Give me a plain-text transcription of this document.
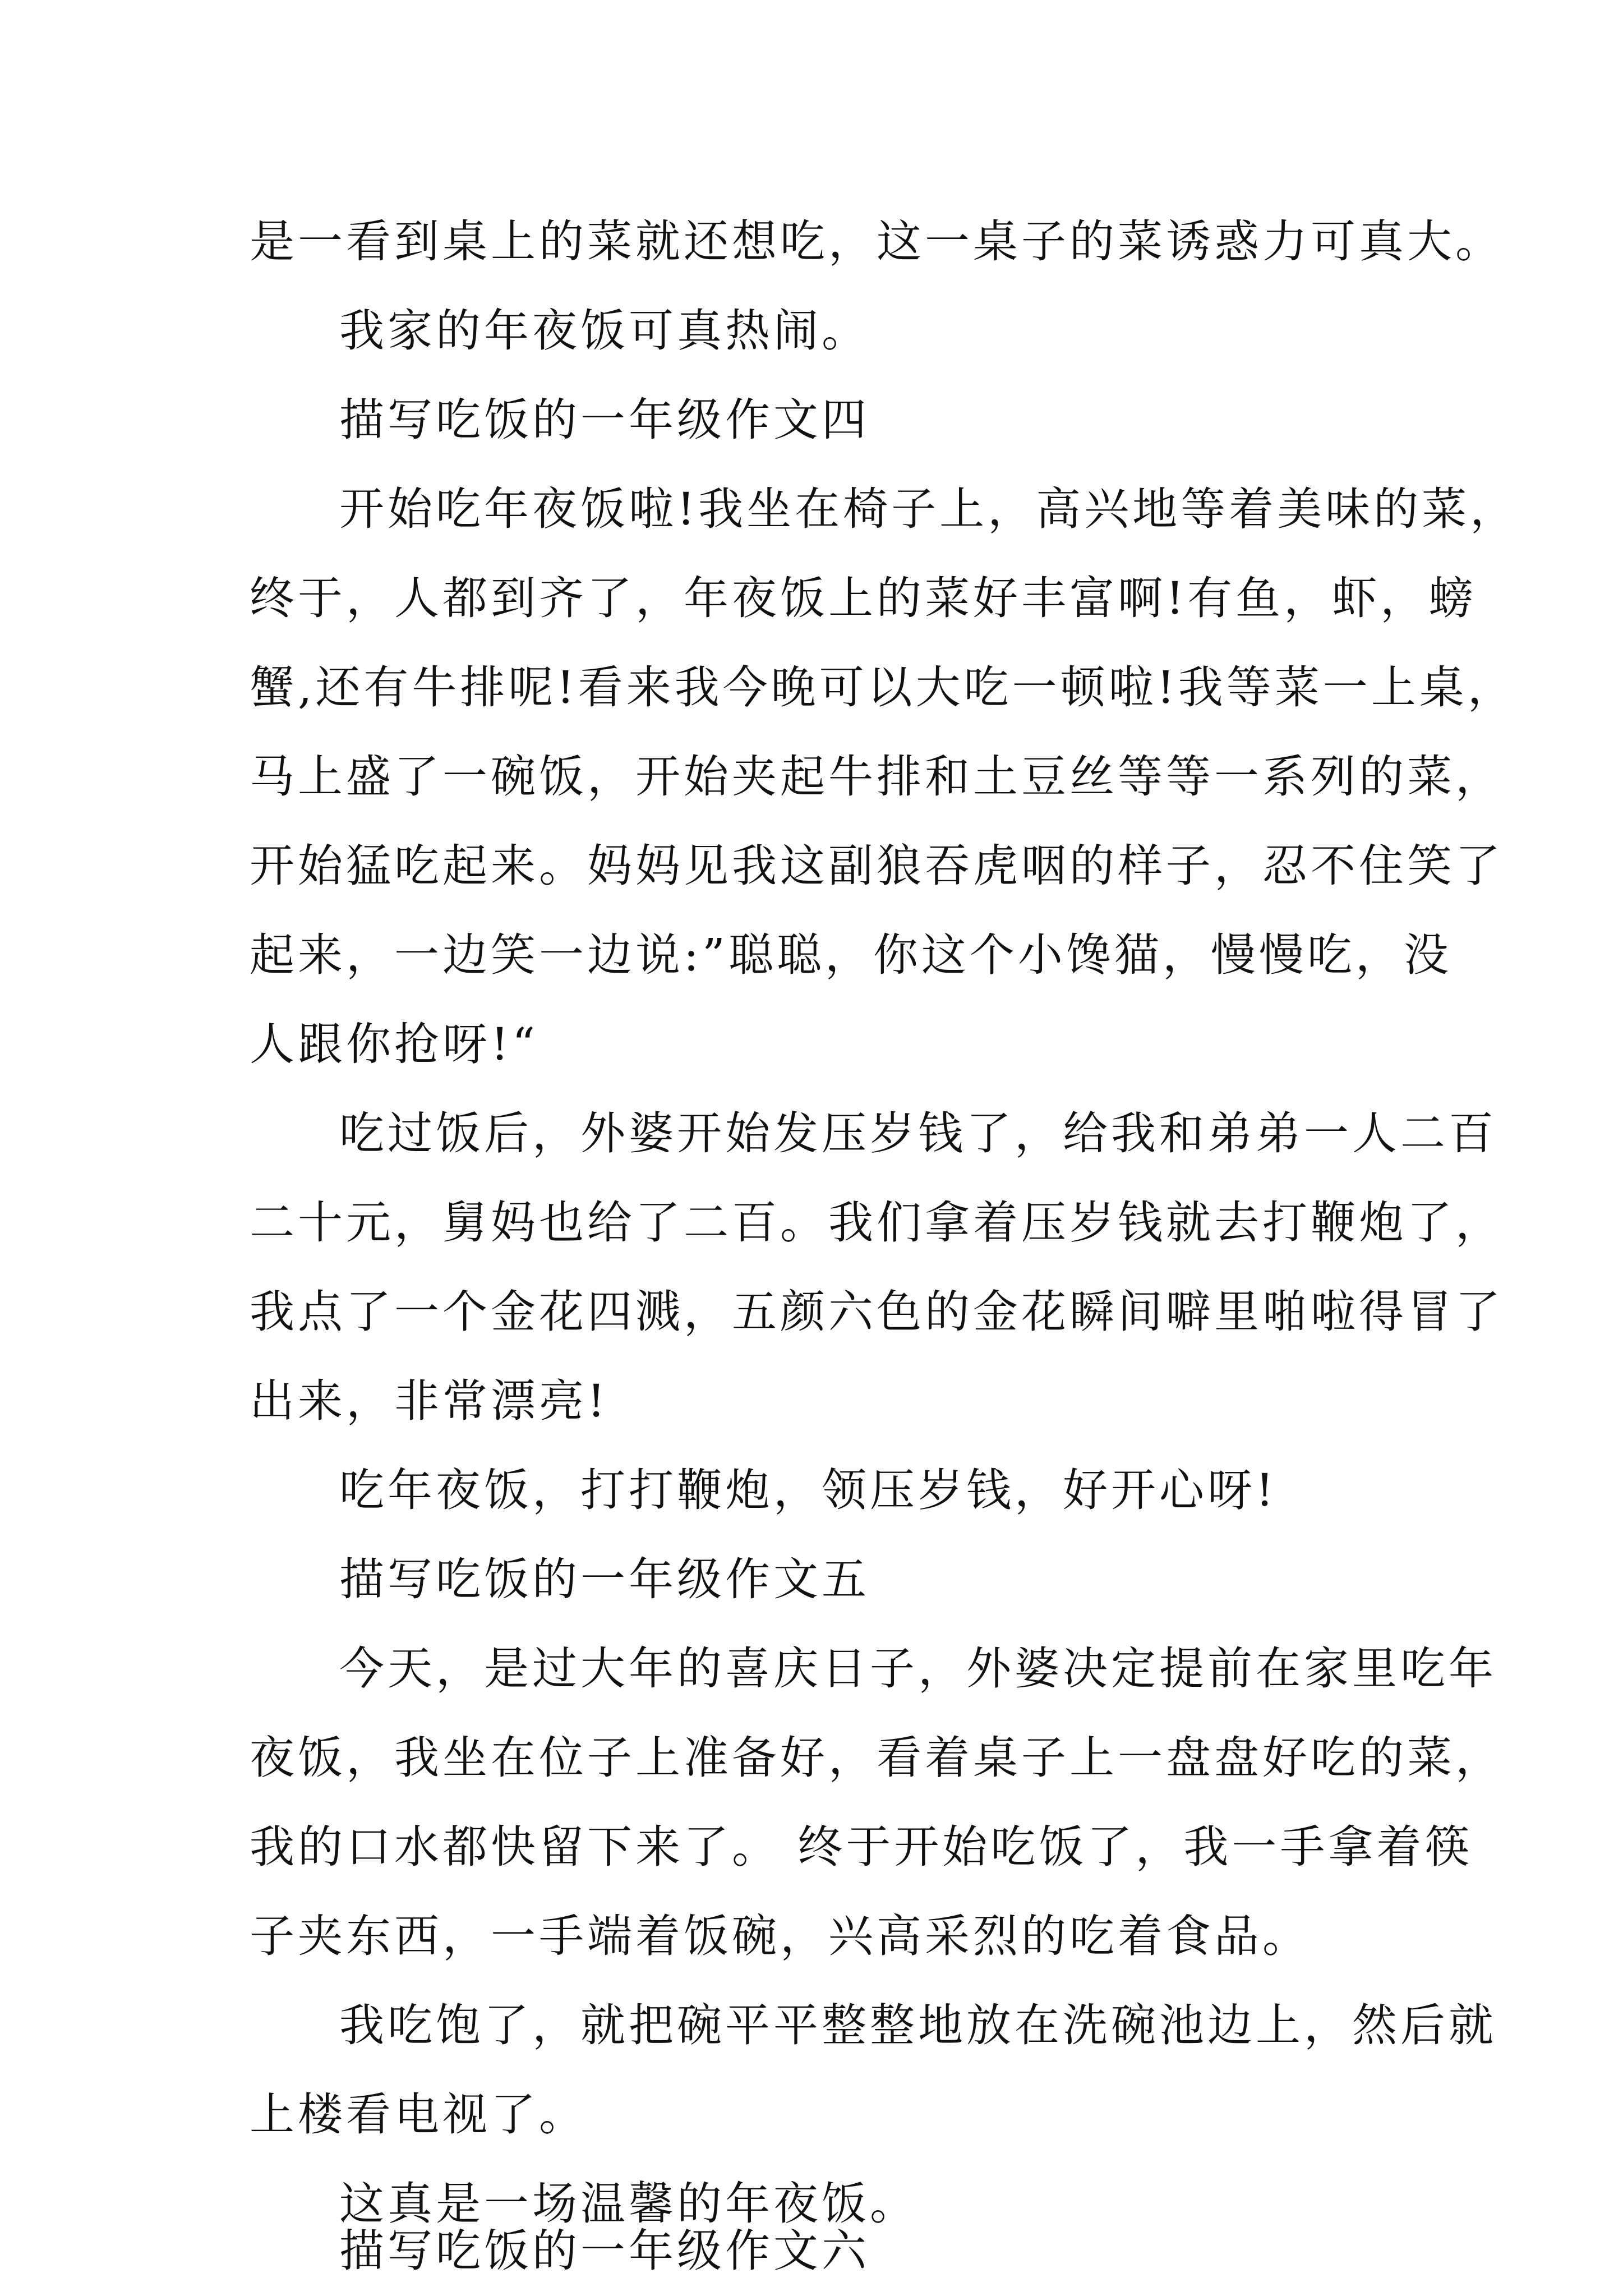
是一看到桌上的菜就还想吃，这一桌子的菜诱惑力可真大。
我家的年夜饭可真热闹。
描写吃饭的一年级作文四
开始吃年夜饭啦!我坐在椅子上，高兴地等着美味的菜，
终于，人都到齐了，年夜饭上的菜好丰富啊!有鱼，虾，螃
蟹,还有牛排呢!看来我今晚可以大吃一顿啦!我等菜一上桌，
马上盛了一碗饭，开始夹起牛排和土豆丝等等一系列的菜，
开始猛吃起来。妈妈见我这副狼吞虎咽的样子，忍不住笑了
起来，一边笑一边说:”聪聪，你这个小馋猫，慢慢吃，没
人跟你抢呀!“
吃过饭后，外婆开始发压岁钱了，给我和弟弟一人二百
二十元，舅妈也给了二百。我们拿着压岁钱就去打鞭炮了，
我点了一个金花四溅，五颜六色的金花瞬间噼里啪啦得冒了
出来，非常漂亮!
吃年夜饭，打打鞭炮，领压岁钱，好开心呀!
描写吃饭的一年级作文五
今天，是过大年的喜庆日子，外婆决定提前在家里吃年
夜饭，我坐在位子上准备好，看着桌子上一盘盘好吃的菜，
我的口水都快留下来了。 终于开始吃饭了，我一手拿着筷
子夹东西，一手端着饭碗，兴高采烈的吃着食品。
我吃饱了，就把碗平平整整地放在洗碗池边上，然后就
上楼看电视了。
这真是一场温馨的年夜饭。
描写吃饭的一年级作文六
